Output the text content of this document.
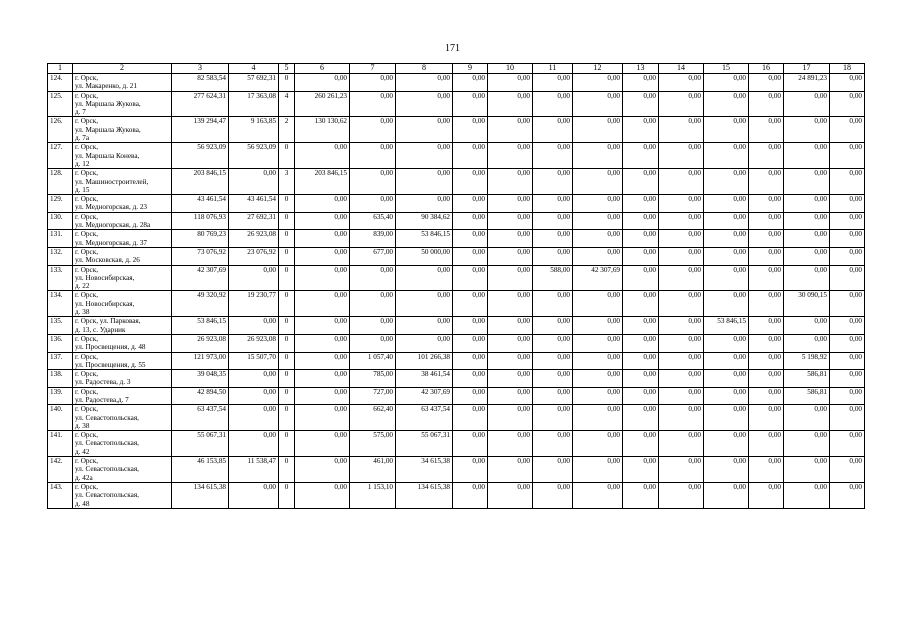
171
1	2	3	4	5	6	7	8	9	10	11	12	13	14	15	16	17	18
124.	г. Орск,
ул. Макаренко, д. 21	82 583,54	57 692,31	0	0,00	0,00	0,00	0,00	0,00	0,00	0,00	0,00	0,00	0,00	0,00	24 891,23	0,00
125.	г. Орск,
ул. Маршала Жукова,
д. 7	277 624,31	17 363,08	4	260 261,23	0,00	0,00	0,00	0,00	0,00	0,00	0,00	0,00	0,00	0,00	0,00	0,00
126.	г. Орск,
ул. Маршала Жукова,
д. 7а	139 294,47	9 163,85	2	130 130,62	0,00	0,00	0,00	0,00	0,00	0,00	0,00	0,00	0,00	0,00	0,00	0,00
127.	г. Орск,
ул. Маршала Конева,
д. 12	56 923,09	56 923,09	0	0,00	0,00	0,00	0,00	0,00	0,00	0,00	0,00	0,00	0,00	0,00	0,00	0,00
128.	г. Орск,
ул. Машиностроителей,
д. 15	203 846,15	0,00	3	203 846,15	0,00	0,00	0,00	0,00	0,00	0,00	0,00	0,00	0,00	0,00	0,00	0,00
129.	г. Орск,
ул. Медногорская, д. 23	43 461,54	43 461,54	0	0,00	0,00	0,00	0,00	0,00	0,00	0,00	0,00	0,00	0,00	0,00	0,00	0,00
130.	г. Орск,
ул. Медногорская, д. 28а	118 076,93	27 692,31	0	0,00	635,40	90 384,62	0,00	0,00	0,00	0,00	0,00	0,00	0,00	0,00	0,00	0,00
131.	г. Орск,
ул. Медногорская, д. 37	80 769,23	26 923,08	0	0,00	839,00	53 846,15	0,00	0,00	0,00	0,00	0,00	0,00	0,00	0,00	0,00	0,00
132.	г. Орск,
ул. Московская, д. 26	73 076,92	23 076,92	0	0,00	677,00	50 000,00	0,00	0,00	0,00	0,00	0,00	0,00	0,00	0,00	0,00	0,00
133.	г. Орск,
ул. Новосибирская,
д. 22	42 307,69	0,00	0	0,00	0,00	0,00	0,00	0,00	588,00	42 307,69	0,00	0,00	0,00	0,00	0,00	0,00
134.	г. Орск,
ул. Новосибирская,
д. 38	49 320,92	19 230,77	0	0,00	0,00	0,00	0,00	0,00	0,00	0,00	0,00	0,00	0,00	0,00	30 090,15	0,00
135.	г. Орск, ул. Парковая,
д. 13, с. Ударник	53 846,15	0,00	0	0,00	0,00	0,00	0,00	0,00	0,00	0,00	0,00	0,00	53 846,15	0,00	0,00	0,00
136.	г. Орск,
ул. Просвещения, д. 48	26 923,08	26 923,08	0	0,00	0,00	0,00	0,00	0,00	0,00	0,00	0,00	0,00	0,00	0,00	0,00	0,00
137.	г. Орск,
ул. Просвещения, д. 55	121 973,00	15 507,70	0	0,00	1 057,40	101 266,38	0,00	0,00	0,00	0,00	0,00	0,00	0,00	0,00	5 198,92	0,00
138.	г. Орск,
ул. Радостева, д. 3	39 048,35	0,00	0	0,00	785,00	38 461,54	0,00	0,00	0,00	0,00	0,00	0,00	0,00	0,00	586,81	0,00
139.	г. Орск,
ул. Радостева,д. 7	42 894,50	0,00	0	0,00	727,00	42 307,69	0,00	0,00	0,00	0,00	0,00	0,00	0,00	0,00	586,81	0,00
140.	г. Орск,
ул. Севастопольская,
д. 38	63 437,54	0,00	0	0,00	662,40	63 437,54	0,00	0,00	0,00	0,00	0,00	0,00	0,00	0,00	0,00	0,00
141.	г. Орск,
ул. Севастопольская,
д. 42	55 067,31	0,00	0	0,00	575,00	55 067,31	0,00	0,00	0,00	0,00	0,00	0,00	0,00	0,00	0,00	0,00
142.	г. Орск,
ул. Севастопольская,
д. 42а	46 153,85	11 538,47	0	0,00	461,00	34 615,38	0,00	0,00	0,00	0,00	0,00	0,00	0,00	0,00	0,00	0,00
143.	г. Орск,
ул. Севастопольская,
д. 48	134 615,38	0,00	0	0,00	1 153,10	134 615,38	0,00	0,00	0,00	0,00	0,00	0,00	0,00	0,00	0,00	0,00
